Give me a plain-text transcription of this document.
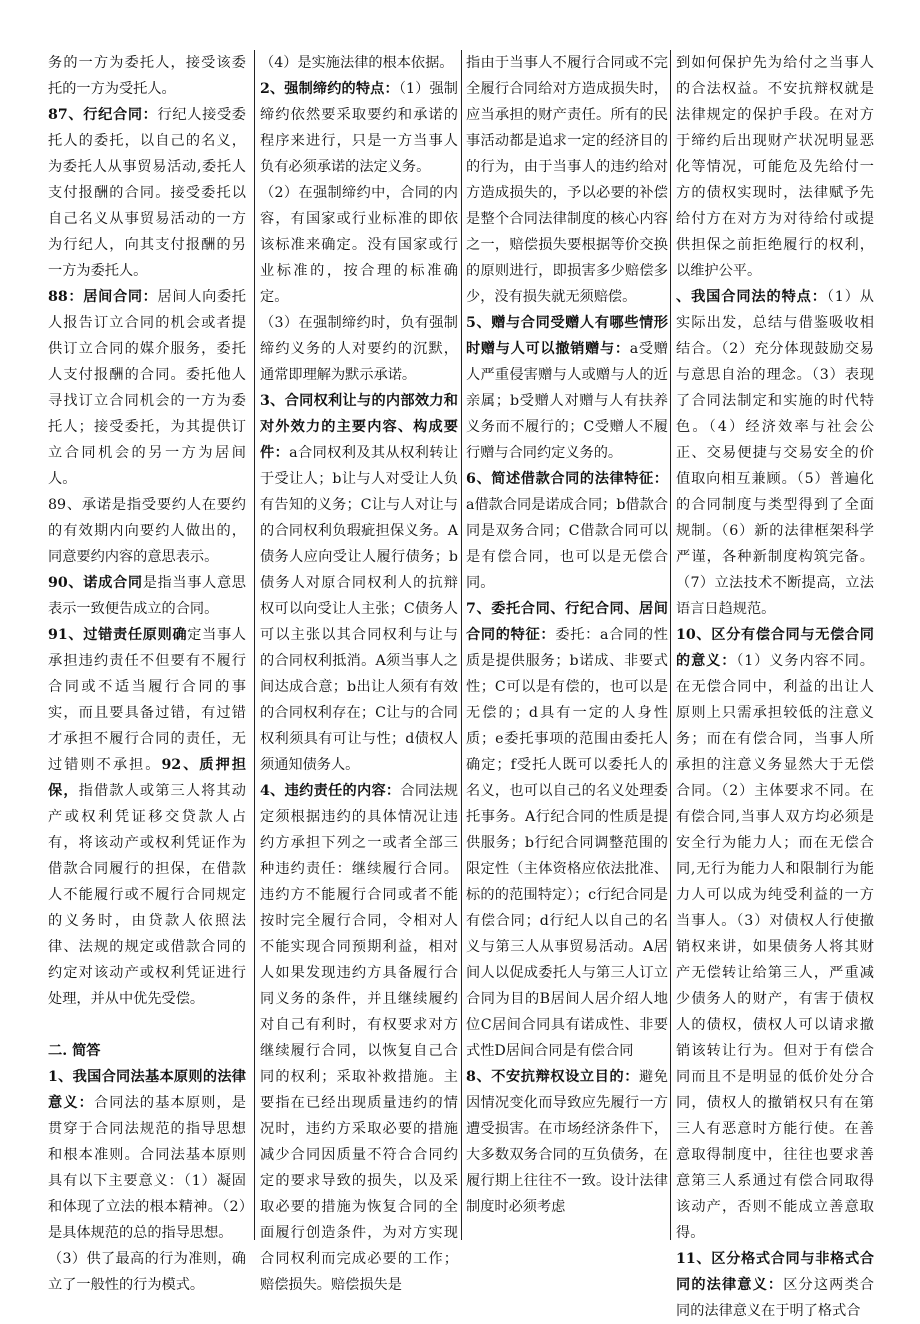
务的一方为委托人，接受该委托的一方为受托人。

87、行纪合同：行纪人接受委托人的委托，以自己的名义，为委托人从事贸易活动,委托人支付报酬的合同。接受委托以自己名义从事贸易活动的一方为行纪人，向其支付报酬的另一方为委托人。

88：居间合同：居间人向委托人报告订立合同的机会或者提供订立合同的媒介服务，委托人支付报酬的合同。委托他人寻找订立合同机会的一方为委托人；接受委托，为其提供订立合同机会的另一方为居间人。

89、承诺是指受要约人在要约的有效期内向要约人做出的，同意要约内容的意思表示。

90、诺成合同是指当事人意思表示一致便告成立的合同。

91、过错责任原则确定当事人承担违约责任不但要有不履行合同或不适当履行合同的事实，而且要具备过错，有过错才承担不履行合同的责任，无过错则不承担。92、质押担保，指借款人或第三人将其动产或权利凭证移交贷款人占有，将该动产或权利凭证作为借款合同履行的担保，在借款人不能履行或不履行合同规定的义务时，由贷款人依照法律、法规的规定或借款合同的约定对该动产或权利凭证进行处理，并从中优先受偿。

二. 简答

1、我国合同法基本原则的法律意义：合同法的基本原则，是贯穿于合同法规范的指导思想和根本准则。合同法基本原则具有以下主要意义：（1）凝固和体现了立法的根本精神。（2）是具体规范的总的指导思想。

（3）供了最高的行为准则，确立了一般性的行为模式。

（4）是实施法律的根本依据。

2、强制缔约的特点：（1）强制缔约依然要采取要约和承诺的程序来进行，只是一方当事人负有必须承诺的法定义务。

（2）在强制缔约中，合同的内容，有国家或行业标准的即依该标准来确定。没有国家或行业标准的，按合理的标准确定。

（3）在强制缔约时，负有强制缔约义务的人对要约的沉默，通常即理解为默示承诺。

3、合同权利让与的内部效力和对外效力的主要内容、构成要件：a合同权利及其从权利转让于受让人；b让与人对受让人负有告知的义务；C让与人对让与的合同权利负瑕疵担保义务。A债务人应向受让人履行债务；b债务人对原合同权利人的抗辩权可以向受让人主张；C债务人可以主张以其合同权利与让与的合同权利抵消。A须当事人之间达成合意；b出让人须有有效的合同权利存在；C让与的合同权利须具有可让与性；d债权人须通知债务人。

4、违约责任的内容：合同法规定须根据违约的具体情况让违约方承担下列之一或者全部三种违约责任：继续履行合同。违约方不能履行合同或者不能按时完全履行合同，令相对人不能实现合同预期利益，相对人如果发现违约方具备履行合同义务的条件，并且继续履约对自己有利时，有权要求对方继续履行合同，以恢复自己合同的权利；采取补救措施。主要指在已经出现质量违约的情况时，违约方采取必要的措施减少合同因质量不符合合同约定的要求导致的损失，以及采取必要的措施为恢复合同的全面履行创造条件，为对方实现合同权利而完成必要的工作；赔偿损失。赔偿损失是

指由于当事人不履行合同或不完全履行合同给对方造成损失时，应当承担的财产责任。所有的民事活动都是追求一定的经济目的的行为，由于当事人的违约给对方造成损失的，予以必要的补偿是整个合同法律制度的核心内容之一，赔偿损失要根据等价交换的原则进行，即损害多少赔偿多少，没有损失就无须赔偿。

5、赠与合同受赠人有哪些情形时赠与人可以撤销赠与：a受赠人严重侵害赠与人或赠与人的近亲属；b受赠人对赠与人有扶养义务而不履行的；C受赠人不履行赠与合同约定义务的。

6、简述借款合同的法律特征：a借款合同是诺成合同；b借款合同是双务合同；C借款合同可以是有偿合同，也可以是无偿合同。

7、委托合同、行纪合同、居间合同的特征：委托：a合同的性质是提供服务；b诺成、非要式性；C可以是有偿的，也可以是无偿的；d具有一定的人身性质；e委托事项的范围由委托人确定；f受托人既可以委托人的名义，也可以自己的名义处理委托事务。A行纪合同的性质是提供服务；b行纪合同调整范围的限定性（主体资格应依法批准、标的的范围特定）；c行纪合同是有偿合同；d行纪人以自己的名义与第三人从事贸易活动。A居间人以促成委托人与第三人订立合同为目的B居间人居介绍人地位C居间合同具有诺成性、非要式性D居间合同是有偿合同

8、不安抗辩权设立目的：避免因情况变化而导致应先履行一方遭受损害。在市场经济条件下，大多数双务合同的互负债务，在履行期上往往不一致。设计法律制度时必须考虑

到如何保护先为给付之当事人的合法权益。不安抗辩权就是法律规定的保护手段。在对方于缔约后出现财产状况明显恶化等情况，可能危及先给付一方的债权实现时，法律赋予先给付方在对方为对待给付或提供担保之前拒绝履行的权利，以维护公平。

、我国合同法的特点：（1）从实际出发，总结与借鉴吸收相结合。（2）充分体现鼓励交易与意思自治的理念。（3）表现了合同法制定和实施的时代特色。（4）经济效率与社会公正、交易便捷与交易安全的价值取向相互兼顾。（5）普遍化的合同制度与类型得到了全面规制。（6）新的法律框架科学严谨，各种新制度构筑完备。（7）立法技术不断提高，立法语言日趋规范。

10、区分有偿合同与无偿合同的意义：（1）义务内容不同。在无偿合同中，利益的出让人原则上只需承担较低的注意义务；而在有偿合同，当事人所承担的注意义务显然大于无偿合同。（2）主体要求不同。在有偿合同,当事人双方均必须是安全行为能力人；而在无偿合同,无行为能力人和限制行为能力人可以成为纯受利益的一方当事人。（3）对债权人行使撤销权来讲，如果债务人将其财产无偿转让给第三人，严重减少债务人的财产，有害于债权人的债权，债权人可以请求撤销该转让行为。但对于有偿合同而且不是明显的低价处分合同，债权人的撤销权只有在第三人有恶意时方能行使。在善意取得制度中，往往也要求善意第三人系通过有偿合同取得该动产，否则不能成立善意取得。

11、区分格式合同与非格式合同的法律意义：区分这两类合同的法律意义在于明了格式合
